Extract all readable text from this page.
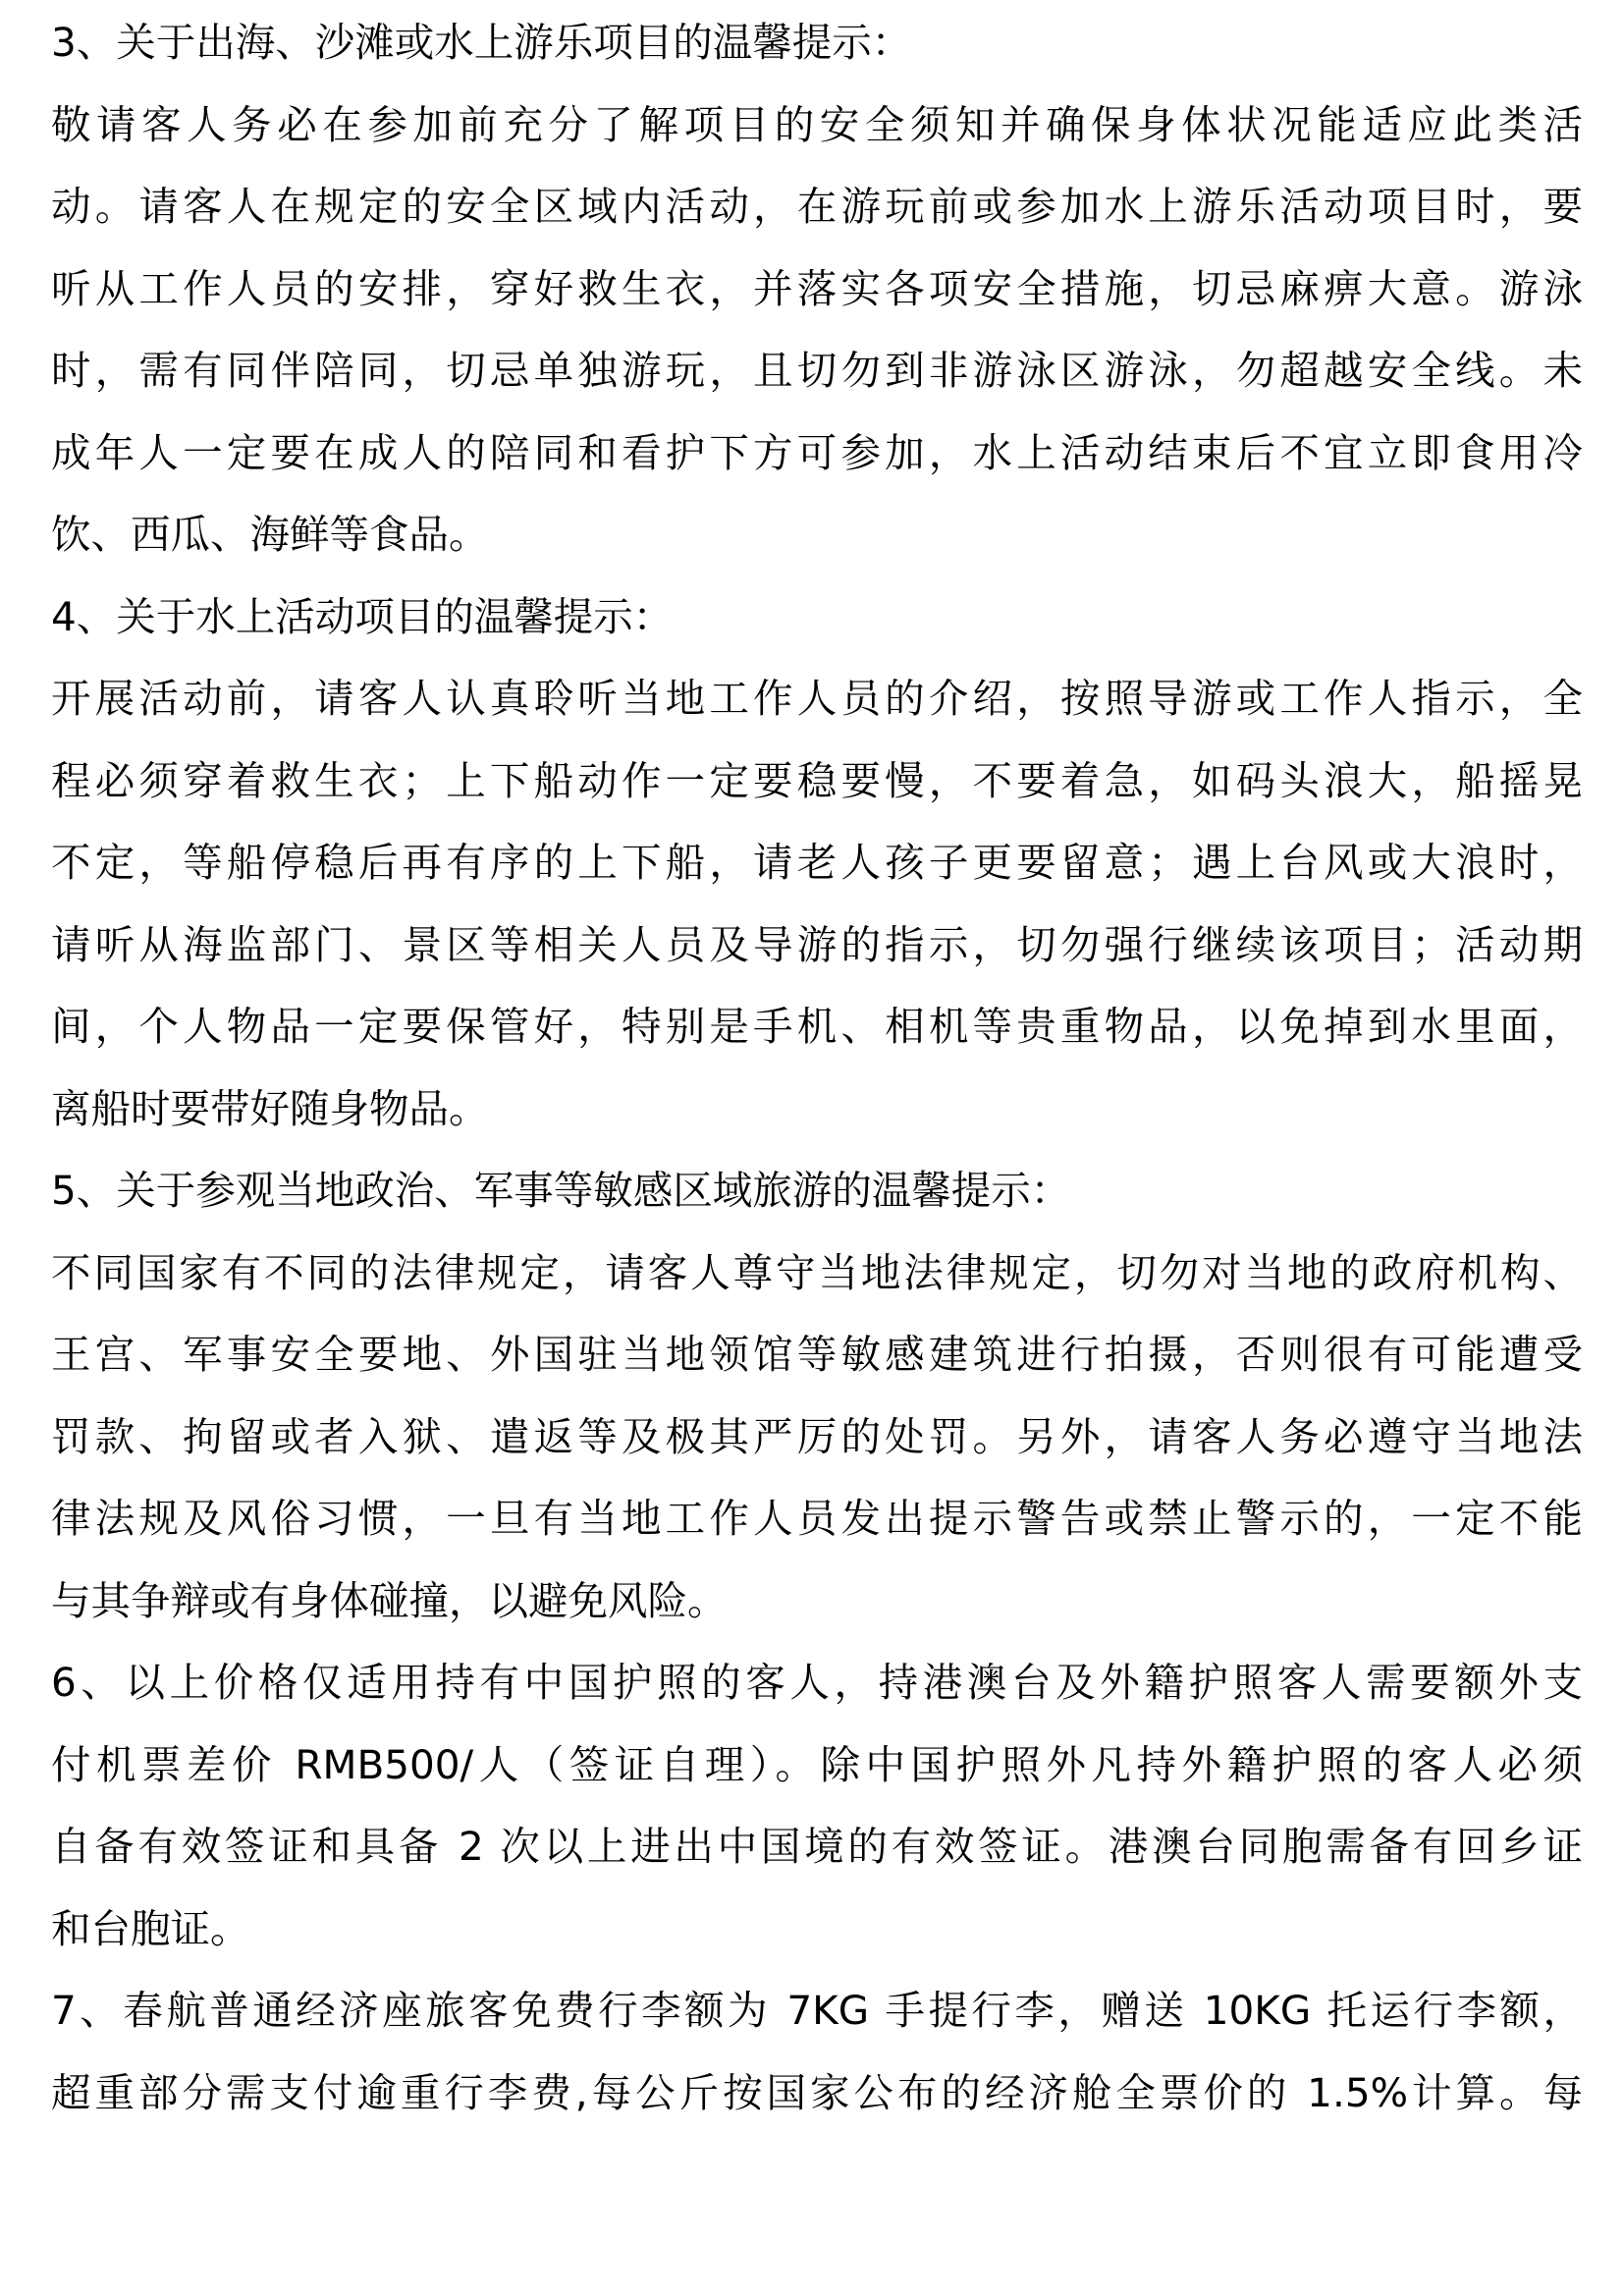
3、关于出海、沙滩或水上游乐项目的温馨提示：
敬请客人务必在参加前充分了解项目的安全须知并确保身体状况能适应此类活
动。请客人在规定的安全区域内活动，在游玩前或参加水上游乐活动项目时，要
听从工作人员的安排，穿好救生衣，并落实各项安全措施，切忌麻痹大意。游泳
时，需有同伴陪同，切忌单独游玩，且切勿到非游泳区游泳，勿超越安全线。未
成年人一定要在成人的陪同和看护下方可参加，水上活动结束后不宜立即食用冷
饮、西瓜、海鲜等食品。
4、关于水上活动项目的温馨提示：
开展活动前，请客人认真聆听当地工作人员的介绍，按照导游或工作人指示，全
程必须穿着救生衣；上下船动作一定要稳要慢，不要着急，如码头浪大，船摇晃
不定，等船停稳后再有序的上下船，请老人孩子更要留意；遇上台风或大浪时，
请听从海监部门、景区等相关人员及导游的指示，切勿强行继续该项目；活动期
间，个人物品一定要保管好，特别是手机、相机等贵重物品，以免掉到水里面，
离船时要带好随身物品。
5、关于参观当地政治、军事等敏感区域旅游的温馨提示：
不同国家有不同的法律规定，请客人尊守当地法律规定，切勿对当地的政府机构、
王宫、军事安全要地、外国驻当地领馆等敏感建筑进行拍摄，否则很有可能遭受
罚款、拘留或者入狱、遣返等及极其严厉的处罚。另外，请客人务必遵守当地法
律法规及风俗习惯，一旦有当地工作人员发出提示警告或禁止警示的，一定不能
与其争辩或有身体碰撞，以避免风险。
6、以上价格仅适用持有中国护照的客人，持港澳台及外籍护照客人需要额外支
付机票差价 RMB500/人（签证自理）。除中国护照外凡持外籍护照的客人必须
自备有效签证和具备 2 次以上进出中国境的有效签证。港澳台同胞需备有回乡证
和台胞证。
7、春航普通经济座旅客免费行李额为 7KG 手提行李，赠送 10KG 托运行李额，
超重部分需支付逾重行李费,每公斤按国家公布的经济舱全票价的 1.5%计算。每
